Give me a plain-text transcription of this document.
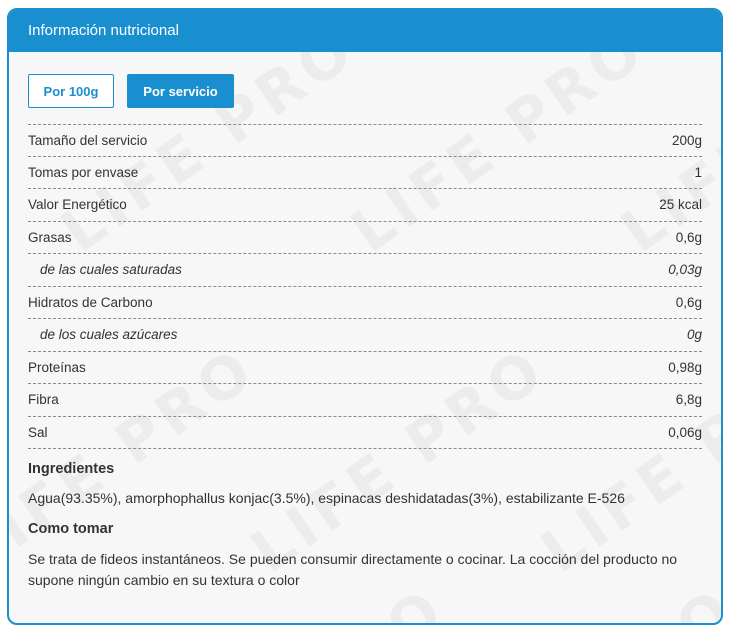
Información nutricional
Por 100g	Por servicio
Tamaño del servicio	200g
Tomas por envase	1
Valor Energético	25 kcal
Grasas	0,6g
de las cuales saturadas	0,03g
Hidratos de Carbono	0,6g
de los cuales azúcares	0g
Proteínas	0,98g
Fibra	6,8g
Sal	0,06g
Ingredientes
Agua(93.35%), amorphophallus konjac(3.5%), espinacas deshidatadas(3%), estabilizante E-526
Como tomar
Se trata de fideos instantáneos. Se pueden consumir directamente o cocinar. La cocción del producto no supone ningún cambio en su textura o color
